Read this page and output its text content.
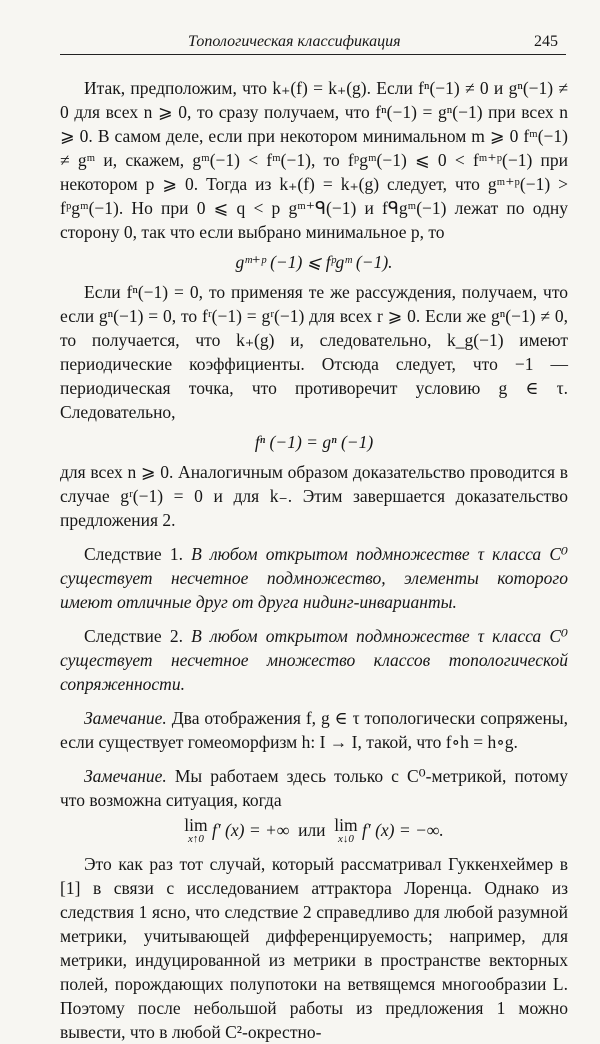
Топологическая классификация	245

Итак, предположим, что k₊(f) = k₊(g). Если fⁿ(−1) ≠ 0 и gⁿ(−1) ≠ 0 для всех n ⩾ 0, то сразу получаем, что fⁿ(−1) = gⁿ(−1) при всех n ⩾ 0. В самом деле, если при некотором минимальном m ⩾ 0 fᵐ(−1) ≠ gᵐ и, скажем, gᵐ(−1) < fᵐ(−1), то fᵖgᵐ(−1) ⩽ 0 < fᵐ⁺ᵖ(−1) при некотором p ⩾ 0. Тогда из k₊(f) = k₊(g) следует, что gᵐ⁺ᵖ(−1) > fᵖgᵐ(−1). Но при 0 ⩽ q < p gᵐ⁺ᑫ(−1) и fᑫgᵐ(−1) лежат по одну сторону 0, так что если выбрано минимальное p, то

gᵐ⁺ᵖ (−1) ⩽ fᵖgᵐ (−1).

Если fⁿ(−1) = 0, то применяя те же рассуждения, получаем, что если gⁿ(−1) = 0, то fʳ(−1) = gʳ(−1) для всех r ⩾ 0. Если же gⁿ(−1) ≠ 0, то получается, что k₊(g) и, следовательно, k_g(−1) имеют периодические коэффициенты. Отсюда следует, что −1 — периодическая точка, что противоречит условию g ∈ τ. Следовательно,

fⁿ (−1) = gⁿ (−1)

для всех n ⩾ 0. Аналогичным образом доказательство проводится в случае gʳ(−1) = 0 и для k₋. Этим завершается доказательство предложения 2.

Следствие 1. В любом открытом подмножестве τ класса C⁰ существует несчетное подмножество, элементы которого имеют отличные друг от друга нидинг-инварианты.

Следствие 2. В любом открытом подмножестве τ класса C⁰ существует несчетное множество классов топологической сопряженности.

Замечание. Два отображения f, g ∈ τ топологически сопряжены, если существует гомеоморфизм h: I → I, такой, что f∘h = h∘g.

Замечание. Мы работаем здесь только с C⁰-метрикой, потому что возможна ситуация, когда

lim
x↑0 f′ (x) = +∞ или lim
x↓0 f′ (x) = −∞.

Это как раз тот случай, который рассматривал Гуккенхеймер в [1] в связи с исследованием аттрактора Лоренца. Однако из следствия 1 ясно, что следствие 2 справедливо для любой разумной метрики, учитывающей дифференцируемость; например, для метрики, индуцированной из метрики в пространстве векторных полей, порождающих полупотоки на ветвящемся многообразии L. Поэтому после небольшой работы из предложения 1 можно вывести, что в любой C²-окрестно-
